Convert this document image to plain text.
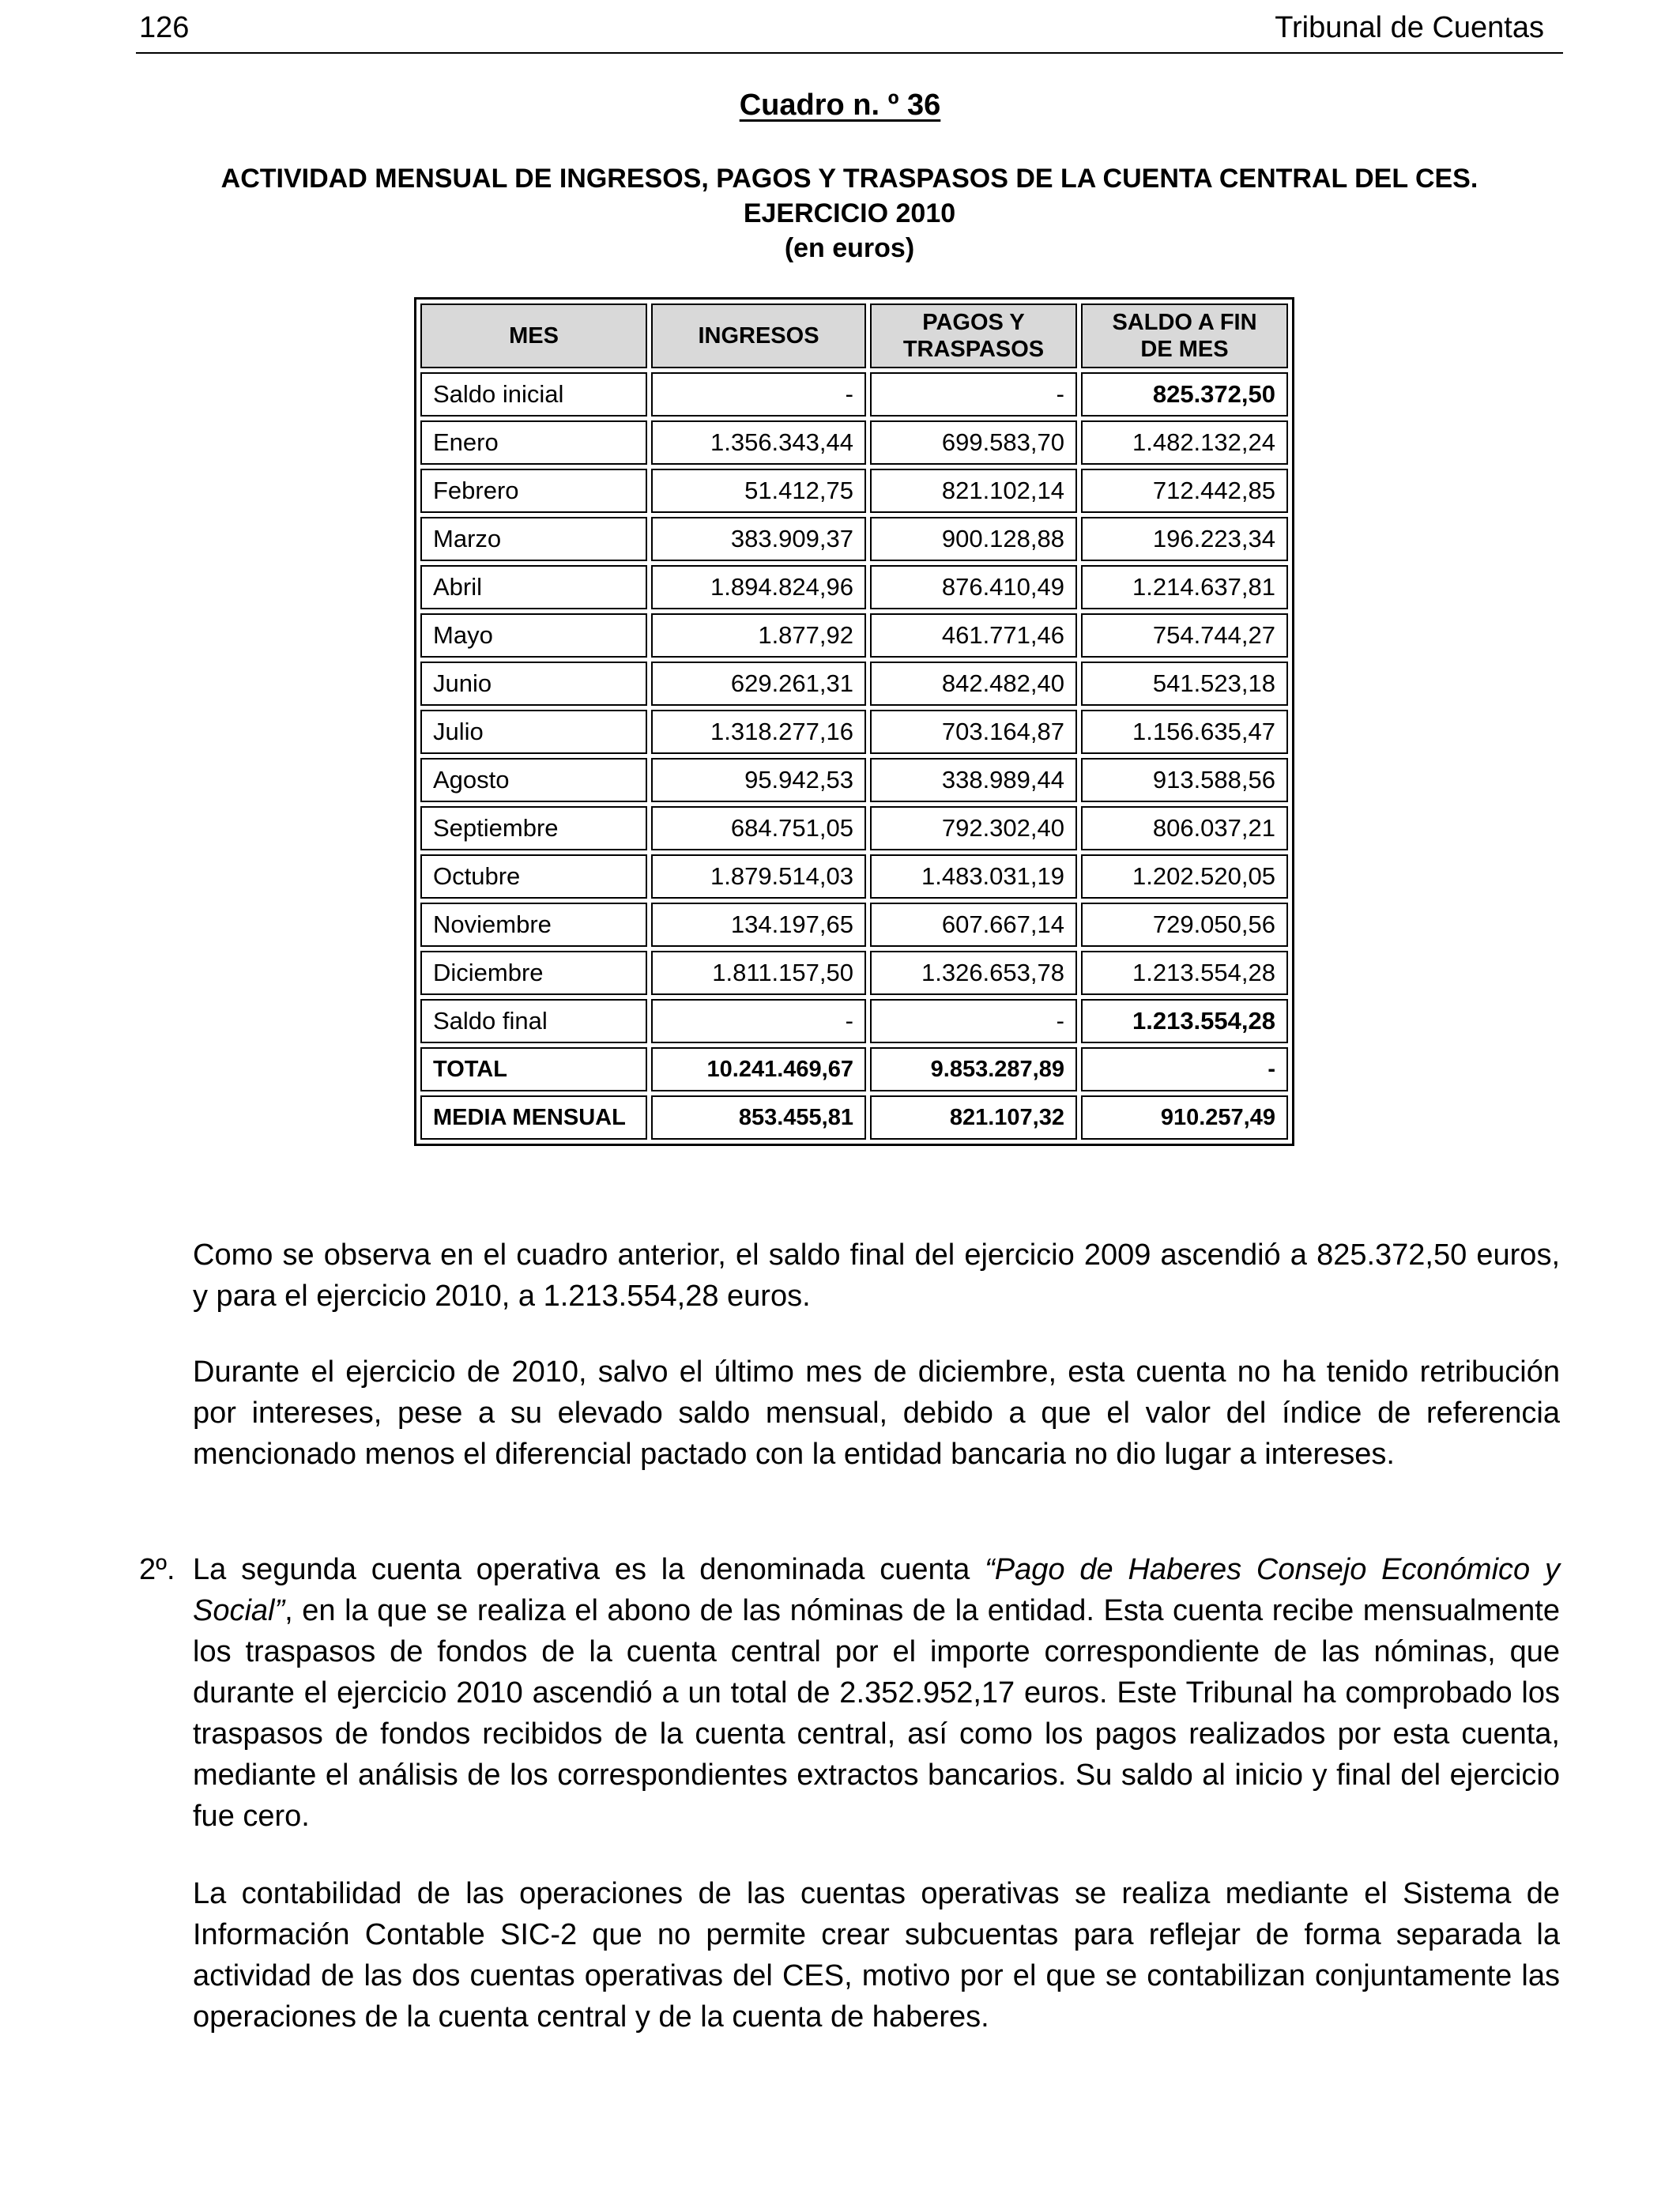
126	Tribunal de Cuentas
Cuadro n. º 36
ACTIVIDAD MENSUAL DE INGRESOS, PAGOS Y TRASPASOS DE LA CUENTA CENTRAL DEL CES.
EJERCICIO 2010
(en euros)
MES	INGRESOS	PAGOS Y TRASPASOS	SALDO A FIN DE MES
Saldo inicial	-	-	825.372,50
Enero	1.356.343,44	699.583,70	1.482.132,24
Febrero	51.412,75	821.102,14	712.442,85
Marzo	383.909,37	900.128,88	196.223,34
Abril	1.894.824,96	876.410,49	1.214.637,81
Mayo	1.877,92	461.771,46	754.744,27
Junio	629.261,31	842.482,40	541.523,18
Julio	1.318.277,16	703.164,87	1.156.635,47
Agosto	95.942,53	338.989,44	913.588,56
Septiembre	684.751,05	792.302,40	806.037,21
Octubre	1.879.514,03	1.483.031,19	1.202.520,05
Noviembre	134.197,65	607.667,14	729.050,56
Diciembre	1.811.157,50	1.326.653,78	1.213.554,28
Saldo final	-	-	1.213.554,28
TOTAL	10.241.469,67	9.853.287,89	-
MEDIA MENSUAL	853.455,81	821.107,32	910.257,49
Como se observa en el cuadro anterior, el saldo final del ejercicio 2009 ascendió a 825.372,50 euros, y para el ejercicio 2010, a 1.213.554,28 euros.
Durante el ejercicio de 2010, salvo el último mes de diciembre, esta cuenta no ha tenido retribución por intereses, pese a su elevado saldo mensual, debido a que el valor del índice de referencia mencionado menos el diferencial pactado con la entidad bancaria no dio lugar a intereses.
2º. La segunda cuenta operativa es la denominada cuenta “Pago de Haberes Consejo Económico y Social”, en la que se realiza el abono de las nóminas de la entidad. Esta cuenta recibe mensualmente los traspasos de fondos de la cuenta central por el importe correspondiente de las nóminas, que durante el ejercicio 2010 ascendió a un total de 2.352.952,17 euros. Este Tribunal ha comprobado los traspasos de fondos recibidos de la cuenta central, así como los pagos realizados por esta cuenta, mediante el análisis de los correspondientes extractos bancarios. Su saldo al inicio y final del ejercicio fue cero.
La contabilidad de las operaciones de las cuentas operativas se realiza mediante el Sistema de Información Contable SIC-2 que no permite crear subcuentas para reflejar de forma separada la actividad de las dos cuentas operativas del CES, motivo por el que se contabilizan conjuntamente las operaciones de la cuenta central y de la cuenta de haberes.
